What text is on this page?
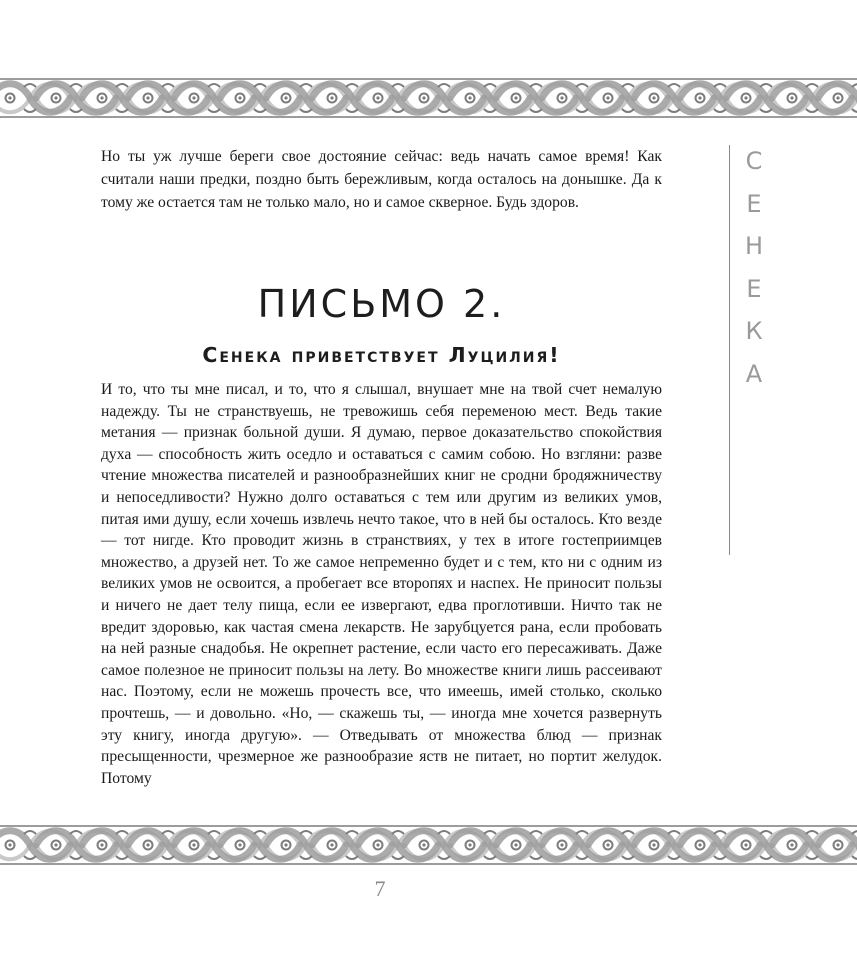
Но ты уж лучше береги свое достояние сейчас: ведь начать самое время! Как считали наши предки, поздно быть бережливым, когда осталось на донышке. Да к тому же остается там не только мало, но и самое скверное. Будь здоров.

ПИСЬМО 2.
Сенека приветствует Луцилия!

И то, что ты мне писал, и то, что я слышал, внушает мне на твой счет немалую надежду. Ты не странствуешь, не тревожишь себя переменою мест. Ведь такие метания — признак больной души. Я думаю, первое доказательство спокойствия духа — способность жить оседло и оставаться с самим собою. Но взгляни: разве чтение множества писателей и разнообразнейших книг не сродни бродяжничеству и непоседливости? Нужно долго оставаться с тем или другим из великих умов, питая ими душу, если хочешь извлечь нечто такое, что в ней бы осталось. Кто везде — тот нигде. Кто проводит жизнь в странствиях, у тех в итоге гостеприимцев множество, а друзей нет. То же самое непременно будет и с тем, кто ни с одним из великих умов не освоится, а пробегает все второпях и наспех. Не приносит пользы и ничего не дает телу пища, если ее извергают, едва проглотивши. Ничто так не вредит здоровью, как частая смена лекарств. Не зарубцуется рана, если пробовать на ней разные снадобья. Не окрепнет растение, если часто его пересаживать. Даже самое полезное не приносит пользы на лету. Во множестве книги лишь рассеивают нас. Поэтому, если не можешь прочесть все, что имеешь, имей столько, сколько прочтешь, — и довольно. «Но, — скажешь ты, — иногда мне хочется развернуть эту книгу, иногда другую». — Отведывать от множества блюд — признак пресыщенности, чрезмерное же разнообразие яств не питает, но портит желудок. Потому

С
Е
Н
Е
К
А

7
